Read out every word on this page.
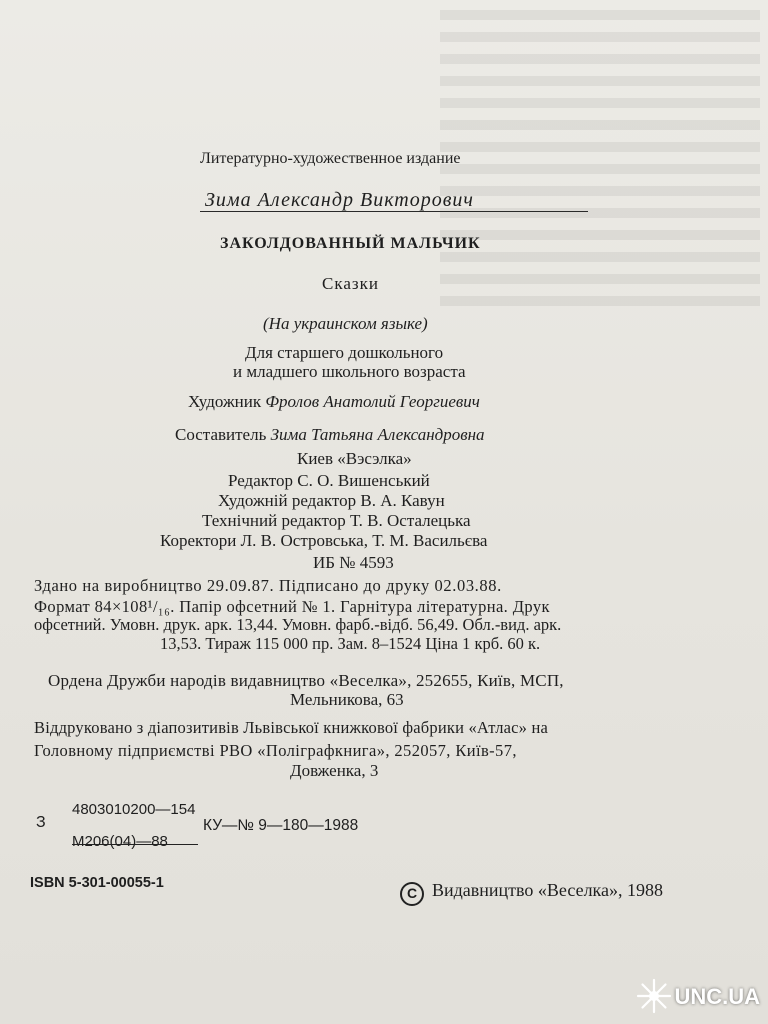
Литературно-художественное издание
Зима Александр Викторович
ЗАКОЛДОВАННЫЙ МАЛЬЧИК
Сказки
(На украинском языке)
Для старшего дошкольного
и младшего школьного возраста
Художник Фролов Анатолий Георгиевич
Составитель Зима Татьяна Александровна
Киев «Вэсэлка»
Редактор С. О. Вишенський
Художній редактор В. А. Кавун
Технічний редактор Т. В. Осталецька
Коректори Л. В. Островська, Т. М. Васильєва
ИБ № 4593
Здано на виробництво 29.09.87. Підписано до друку 02.03.88.
Формат 84×108¹/₁₆. Папір офсетний № 1. Гарнітура літературна. Друк
офсетний. Умовн. друк. арк. 13,44. Умовн. фарб.-відб. 56,49. Обл.-вид. арк.
13,53. Тираж 115 000 пр. Зам. 8–1524 Ціна 1 крб. 60 к.
Ордена Дружби народів видавництво «Веселка», 252655, Київ, МСП,
Мельникова, 63
Віддруковано з діапозитивів Львівської книжкової фабрики «Атлас» на
Головному підприємстві РВО «Поліграфкнига», 252057, Київ-57,
Довженка, 3
З
4803010200—154
М206(04)—88
КУ—№ 9—180—1988
ISBN 5-301-00055-1
C Видавництво «Веселка», 1988
UNC.UA
